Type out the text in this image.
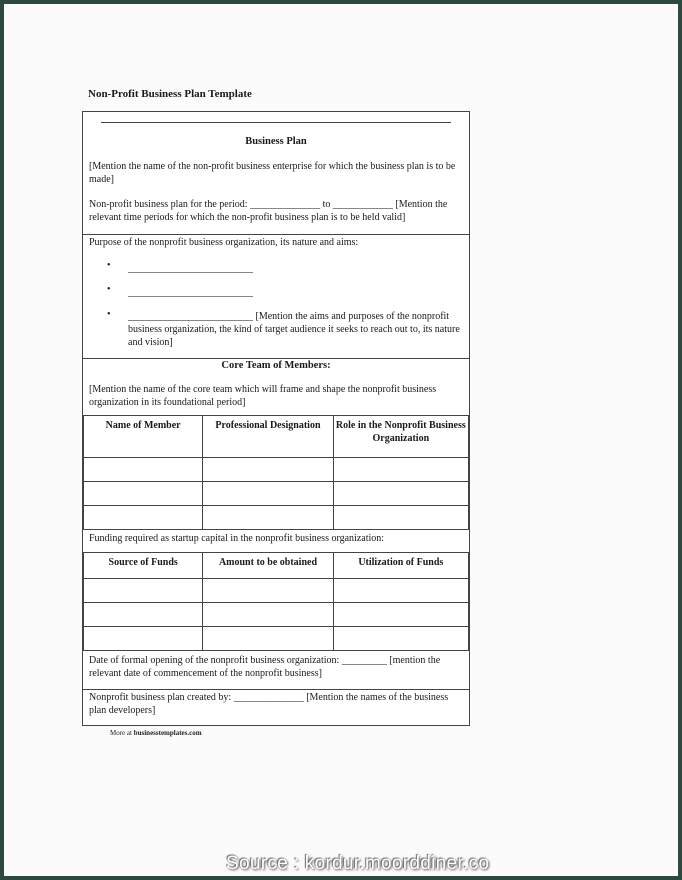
Non-Profit Business Plan Template
Business Plan
[Mention the name of the non-profit business enterprise for which the business plan is to be made]
Non-profit business plan for the period: ______________ to ____________ [Mention the relevant time periods for which the non-profit business plan is to be held valid]
Purpose of the nonprofit business organization, its nature and aims:
• _________________________
• _________________________
• _________________________ [Mention the aims and purposes of the nonprofit business organization, the kind of target audience it seeks to reach out to, its nature and vision]
Core Team of Members:
[Mention the name of the core team which will frame and shape the nonprofit business organization in its foundational period]
Name of Member	Professional Designation	Role in the Nonprofit Business Organization

Funding required as startup capital in the nonprofit business organization:
Source of Funds	Amount to be obtained	Utilization of Funds

Date of formal opening of the nonprofit business organization: _________ [mention the relevant date of commencement of the nonprofit business]
Nonprofit business plan created by: ______________ [Mention the names of the business plan developers]
More at businesstemplates.com
Source : kordur.moorddiner.co
